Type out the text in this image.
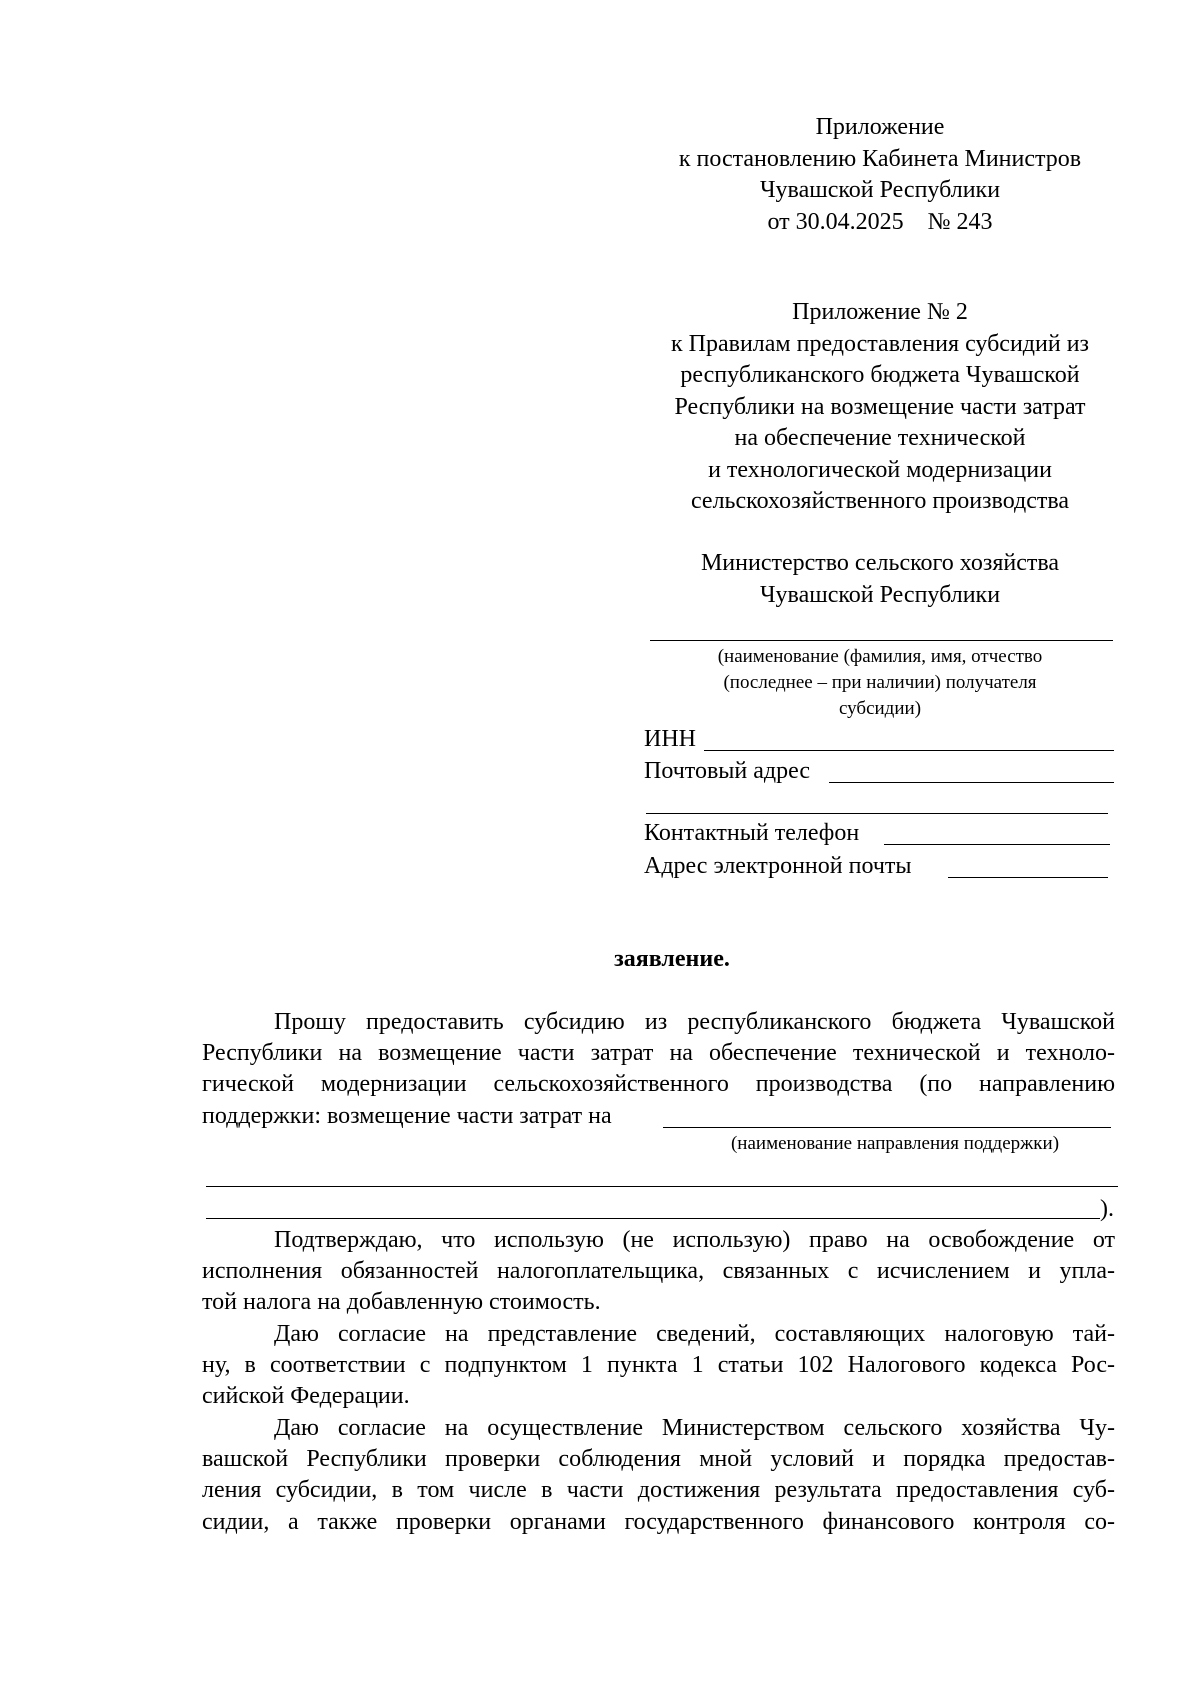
Приложение
к постановлению Кабинета Министров
Чувашской Республики
от 30.04.2025    № 243
Приложение № 2
к Правилам предоставления субсидий из
республиканского бюджета Чувашской
Республики на возмещение части затрат
на обеспечение технической
и технологической модернизации
сельскохозяйственного производства
Министерство сельского хозяйства
Чувашской Республики
(наименование (фамилия, имя, отчество
(последнее – при наличии) получателя
субсидии)
ИНН
Почтовый адрес
Контактный телефон
Адрес электронной почты
заявление.
Прошу предоставить субсидию из республиканского бюджета Чувашской
Республики на возмещение части затрат на обеспечение технической и техноло-
гической модернизации сельскохозяйственного производства (по направлению
поддержки: возмещение части затрат на
(наименование направления поддержки)
).
Подтверждаю, что использую (не использую) право на освобождение от
исполнения обязанностей налогоплательщика, связанных с исчислением и упла-
той налога на добавленную стоимость.
Даю согласие на представление сведений, составляющих налоговую тай-
ну, в соответствии с подпунктом 1 пункта 1 статьи 102 Налогового кодекса Рос-
сийской Федерации.
Даю согласие на осуществление Министерством сельского хозяйства Чу-
вашской Республики проверки соблюдения мной условий и порядка предостав-
ления субсидии, в том числе в части достижения результата предоставления суб-
сидии, а также проверки органами государственного финансового контроля со-
